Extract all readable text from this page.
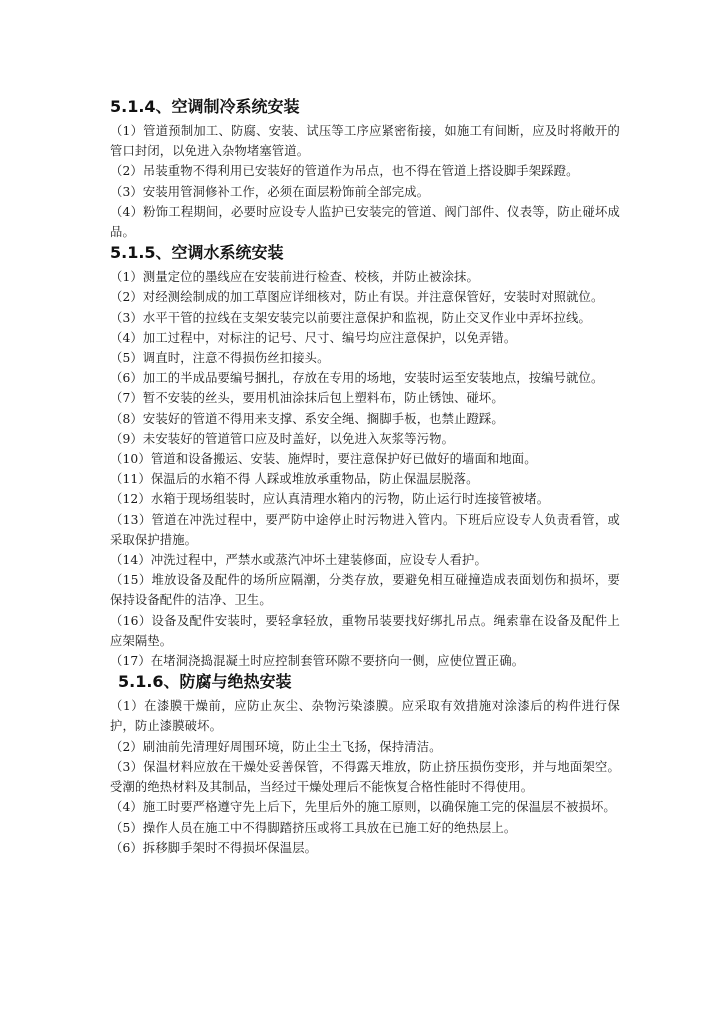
5.1.4、空调制冷系统安装

（1）管道预制加工、防腐、安装、试压等工序应紧密衔接，如施工有间断，应及时将敞开的管口封闭，以免进入杂物堵塞管道。

（2）吊装重物不得利用已安装好的管道作为吊点，也不得在管道上搭设脚手架踩蹬。

（3）安装用管洞修补工作，必须在面层粉饰前全部完成。

（4）粉饰工程期间，必要时应设专人监护已安装完的管道、阀门部件、仪表等，防止碰坏成品。

5.1.5、空调水系统安装

（1）测量定位的墨线应在安装前进行检查、校核，并防止被涂抹。

（2）对经测绘制成的加工草图应详细核对，防止有误。并注意保管好，安装时对照就位。

（3）水平干管的拉线在支架安装完以前要注意保护和监视，防止交叉作业中弄坏拉线。

（4）加工过程中，对标注的记号、尺寸、编号均应注意保护，以免弄错。

（5）调直时，注意不得损伤丝扣接头。

（6）加工的半成品要编号捆扎，存放在专用的场地，安装时运至安装地点，按编号就位。

（7）暂不安装的丝头，要用机油涂抹后包上塑料布，防止锈蚀、碰坏。

（8）安装好的管道不得用来支撑、系安全绳、搁脚手板，也禁止蹬踩。

（9）未安装好的管道管口应及时盖好，以免进入灰浆等污物。

（10）管道和设备搬运、安装、施焊时，要注意保护好已做好的墙面和地面。

（11）保温后的水箱不得 人踩或堆放承重物品，防止保温层脱落。

（12）水箱于现场组装时，应认真清理水箱内的污物，防止运行时连接管被堵。

（13）管道在冲洗过程中，要严防中途停止时污物进入管内。下班后应设专人负责看管，或采取保护措施。

（14）冲洗过程中，严禁水或蒸汽冲坏土建装修面，应设专人看护。

（15）堆放设备及配件的场所应隔潮，分类存放，要避免相互碰撞造成表面划伤和损坏，要保持设备配件的洁净、卫生。

（16）设备及配件安装时，要轻拿轻放，重物吊装要找好绑扎吊点。绳索靠在设备及配件上应架隔垫。

（17）在堵洞浇捣混凝土时应控制套管环隙不要挤向一侧，应使位置正确。

5.1.6、防腐与绝热安装

（1）在漆膜干燥前，应防止灰尘、杂物污染漆膜。应采取有效措施对涂漆后的构件进行保护，防止漆膜破坏。

（2）刷油前先清理好周围环境，防止尘土飞扬，保持清洁。

（3）保温材料应放在干燥处妥善保管，不得露天堆放，防止挤压损伤变形，并与地面架空。受潮的绝热材料及其制品，当经过干燥处理后不能恢复合格性能时不得使用。

（4）施工时要严格遵守先上后下，先里后外的施工原则，以确保施工完的保温层不被损坏。

（5）操作人员在施工中不得脚踏挤压或将工具放在已施工好的绝热层上。

（6）拆移脚手架时不得损坏保温层。
